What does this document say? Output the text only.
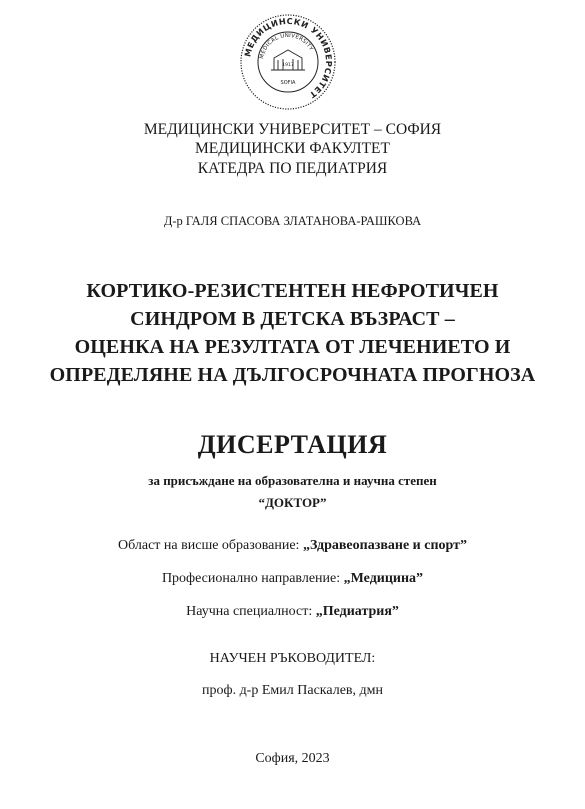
МЕДИЦИНСКИ УНИВЕРСИТЕТ
MEDICAL UNIVERSITY
1917
SOFIA
МЕДИЦИНСКИ УНИВЕРСИТЕТ – СОФИЯ
МЕДИЦИНСКИ ФАКУЛТЕТ
КАТЕДРА ПО ПЕДИАТРИЯ
Д-р ГАЛЯ СПАСОВА ЗЛАТАНОВА-РАШКОВА
КОРТИКО-РЕЗИСТЕНТЕН НЕФРОТИЧЕН
СИНДРОМ В ДЕТСКА ВЪЗРАСТ –
ОЦЕНКА НА РЕЗУЛТАТА ОТ ЛЕЧЕНИЕТО И
ОПРЕДЕЛЯНЕ НА ДЪЛГОСРОЧНАТА ПРОГНОЗА
ДИСЕРТАЦИЯ
за присъждане на образователна и научна степен
“ДОКТОР”
Област на висше образование: „Здравеопазване и спорт”
Професионално направление: „Медицина”
Научна специалност: „Педиатрия”
НАУЧЕН РЪКОВОДИТЕЛ:
проф. д-р Емил Паскалев, дмн
София, 2023
